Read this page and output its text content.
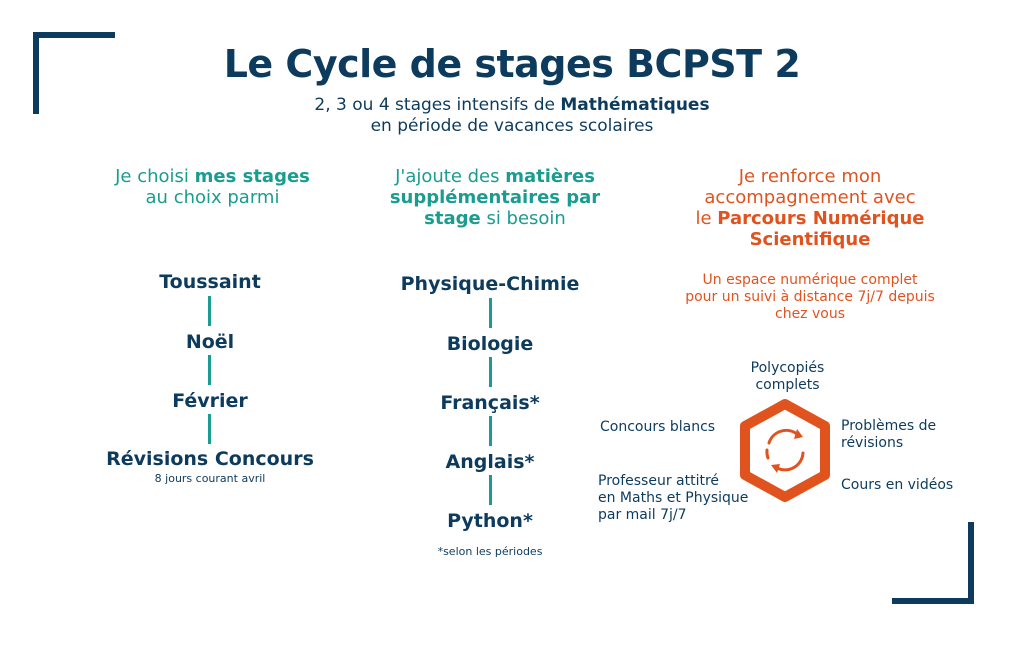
Le Cycle de stages BCPST 2
2, 3 ou 4 stages intensifs de Mathématiques
en période de vacances scolaires
Je choisi mes stages
au choix parmi
Toussaint
Noël
Février
Révisions Concours
8 jours courant avril
J'ajoute des matières
supplémentaires par
stage si besoin
Physique-Chimie
Biologie
Français*
Anglais*
Python*
*selon les périodes
Je renforce mon
accompagnement avec
le Parcours Numérique
Scientifique
Un espace numérique complet
pour un suivi à distance 7j/7 depuis
chez vous
Polycopiés
complets
Problèmes de
révisions
Cours en vidéos
Concours blancs
Professeur attitré
en Maths et Physique
par mail 7j/7
